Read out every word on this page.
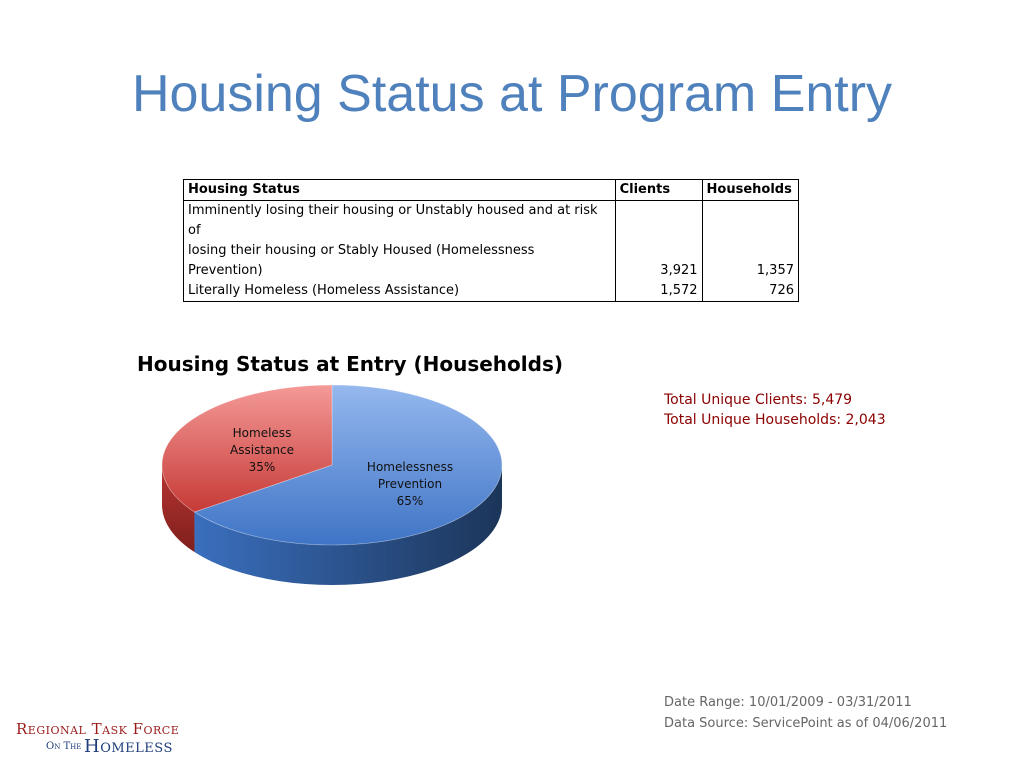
Housing Status at Program Entry
Housing Status	Clients	Households
Imminently losing their housing or Unstably housed and at risk of
losing their housing or Stably Housed (Homelessness Prevention)	3,921	1,357
Literally Homeless (Homeless Assistance)	1,572	726
Housing Status at Entry (Households)
Homeless
Assistance
35%	Homelessness
Prevention
65%
Total Unique Clients: 5,479
Total Unique Households: 2,043
Date Range: 10/01/2009 - 03/31/2011
Data Source: ServicePoint as of 04/06/2011
Regional Task Force
On The Homeless
